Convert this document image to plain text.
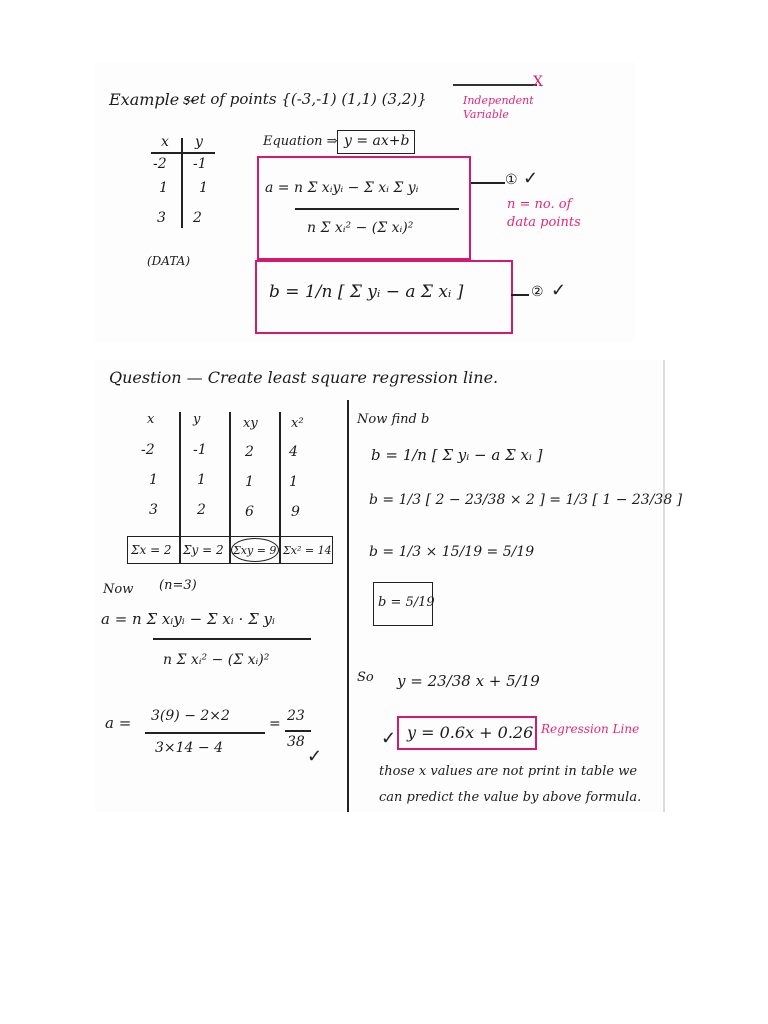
Example :-
set of points {(-3,-1) (1,1) (3,2)}
X
Independent Variable
x y
-2 -1
1 1
3 2
(DATA)
Equation ⇒ y = ax+b
a = n Σ xᵢyᵢ − Σ xᵢ Σ yᵢ
n Σ xᵢ² − (Σ xᵢ)²
① ✓
n = no. of data points
b = 1/n [ Σ yᵢ − a Σ xᵢ ]	② ✓
Question — Create least square regression line.
x	y	xy	x²
-2	-1	2	4
1	1	1	1
3	2	6	9
Σx = 2 Σy = 2 Σxy = 9 Σx² = 14
Now (n=3)
a = n Σ xᵢyᵢ − Σ xᵢ · Σ yᵢ
n Σ xᵢ² − (Σ xᵢ)²
a = 3(9) − 2×2
3×14 − 4
= 23
38
✓
Now find b
b = 1/n [ Σ yᵢ − a Σ xᵢ ]
b = 1/3 [ 2 − 23/38 × 2 ] = 1/3 [ 1 − 23/38 ]
b = 1/3 × 15/19 = 5/19
b = 5/19
So y = 23/38 x + 5/19
✓ y = 0.6x + 0.26 Regression Line
those x values are not print in table we
can predict the value by above formula.
